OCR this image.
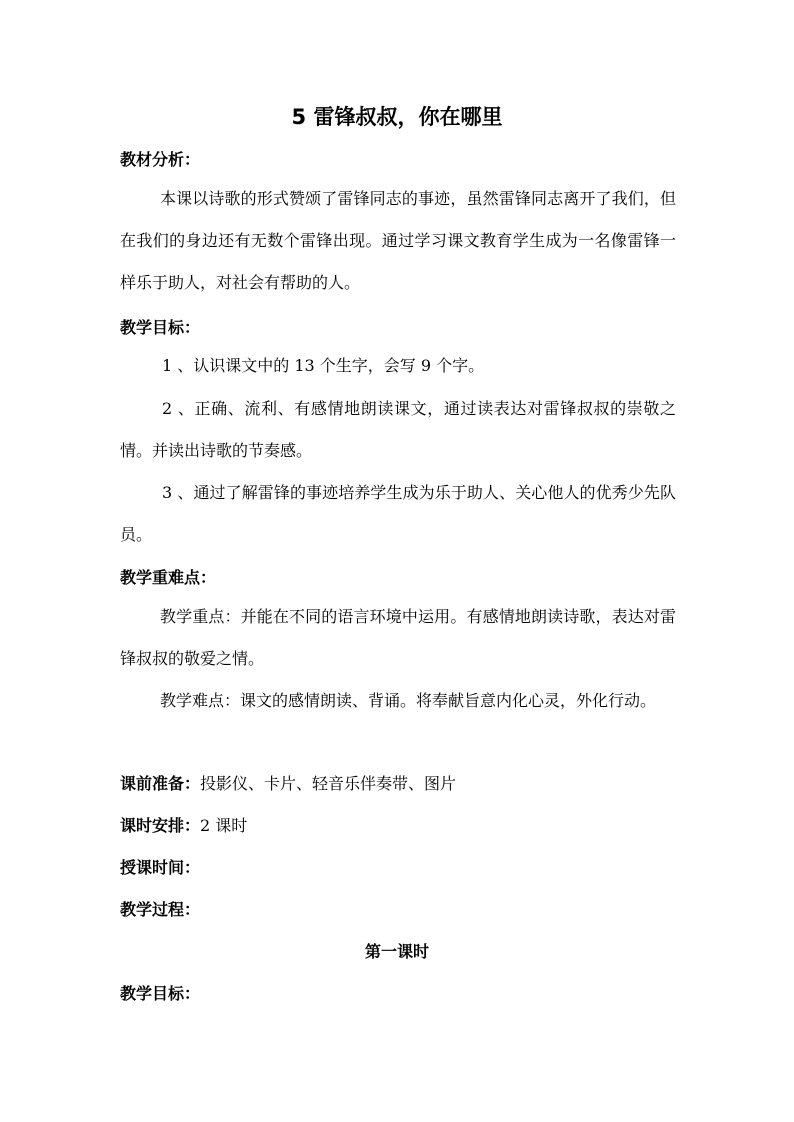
5 雷锋叔叔，你在哪里
教材分析：
本课以诗歌的形式赞颂了雷锋同志的事迹，虽然雷锋同志离开了我们，但在我们的身边还有无数个雷锋出现。通过学习课文教育学生成为一名像雷锋一样乐于助人，对社会有帮助的人。
教学目标：
1 、认识课文中的 13 个生字，会写 9 个字。
2 、正确、流利、有感情地朗读课文，通过读表达对雷锋叔叔的崇敬之情。并读出诗歌的节奏感。
3 、通过了解雷锋的事迹培养学生成为乐于助人、关心他人的优秀少先队员。
教学重难点：
教学重点：并能在不同的语言环境中运用。有感情地朗读诗歌，表达对雷锋叔叔的敬爱之情。
教学难点：课文的感情朗读、背诵。将奉献旨意内化心灵，外化行动。
课前准备：投影仪、卡片、轻音乐伴奏带、图片
课时安排：2 课时
授课时间：
教学过程：
第一课时
教学目标：
